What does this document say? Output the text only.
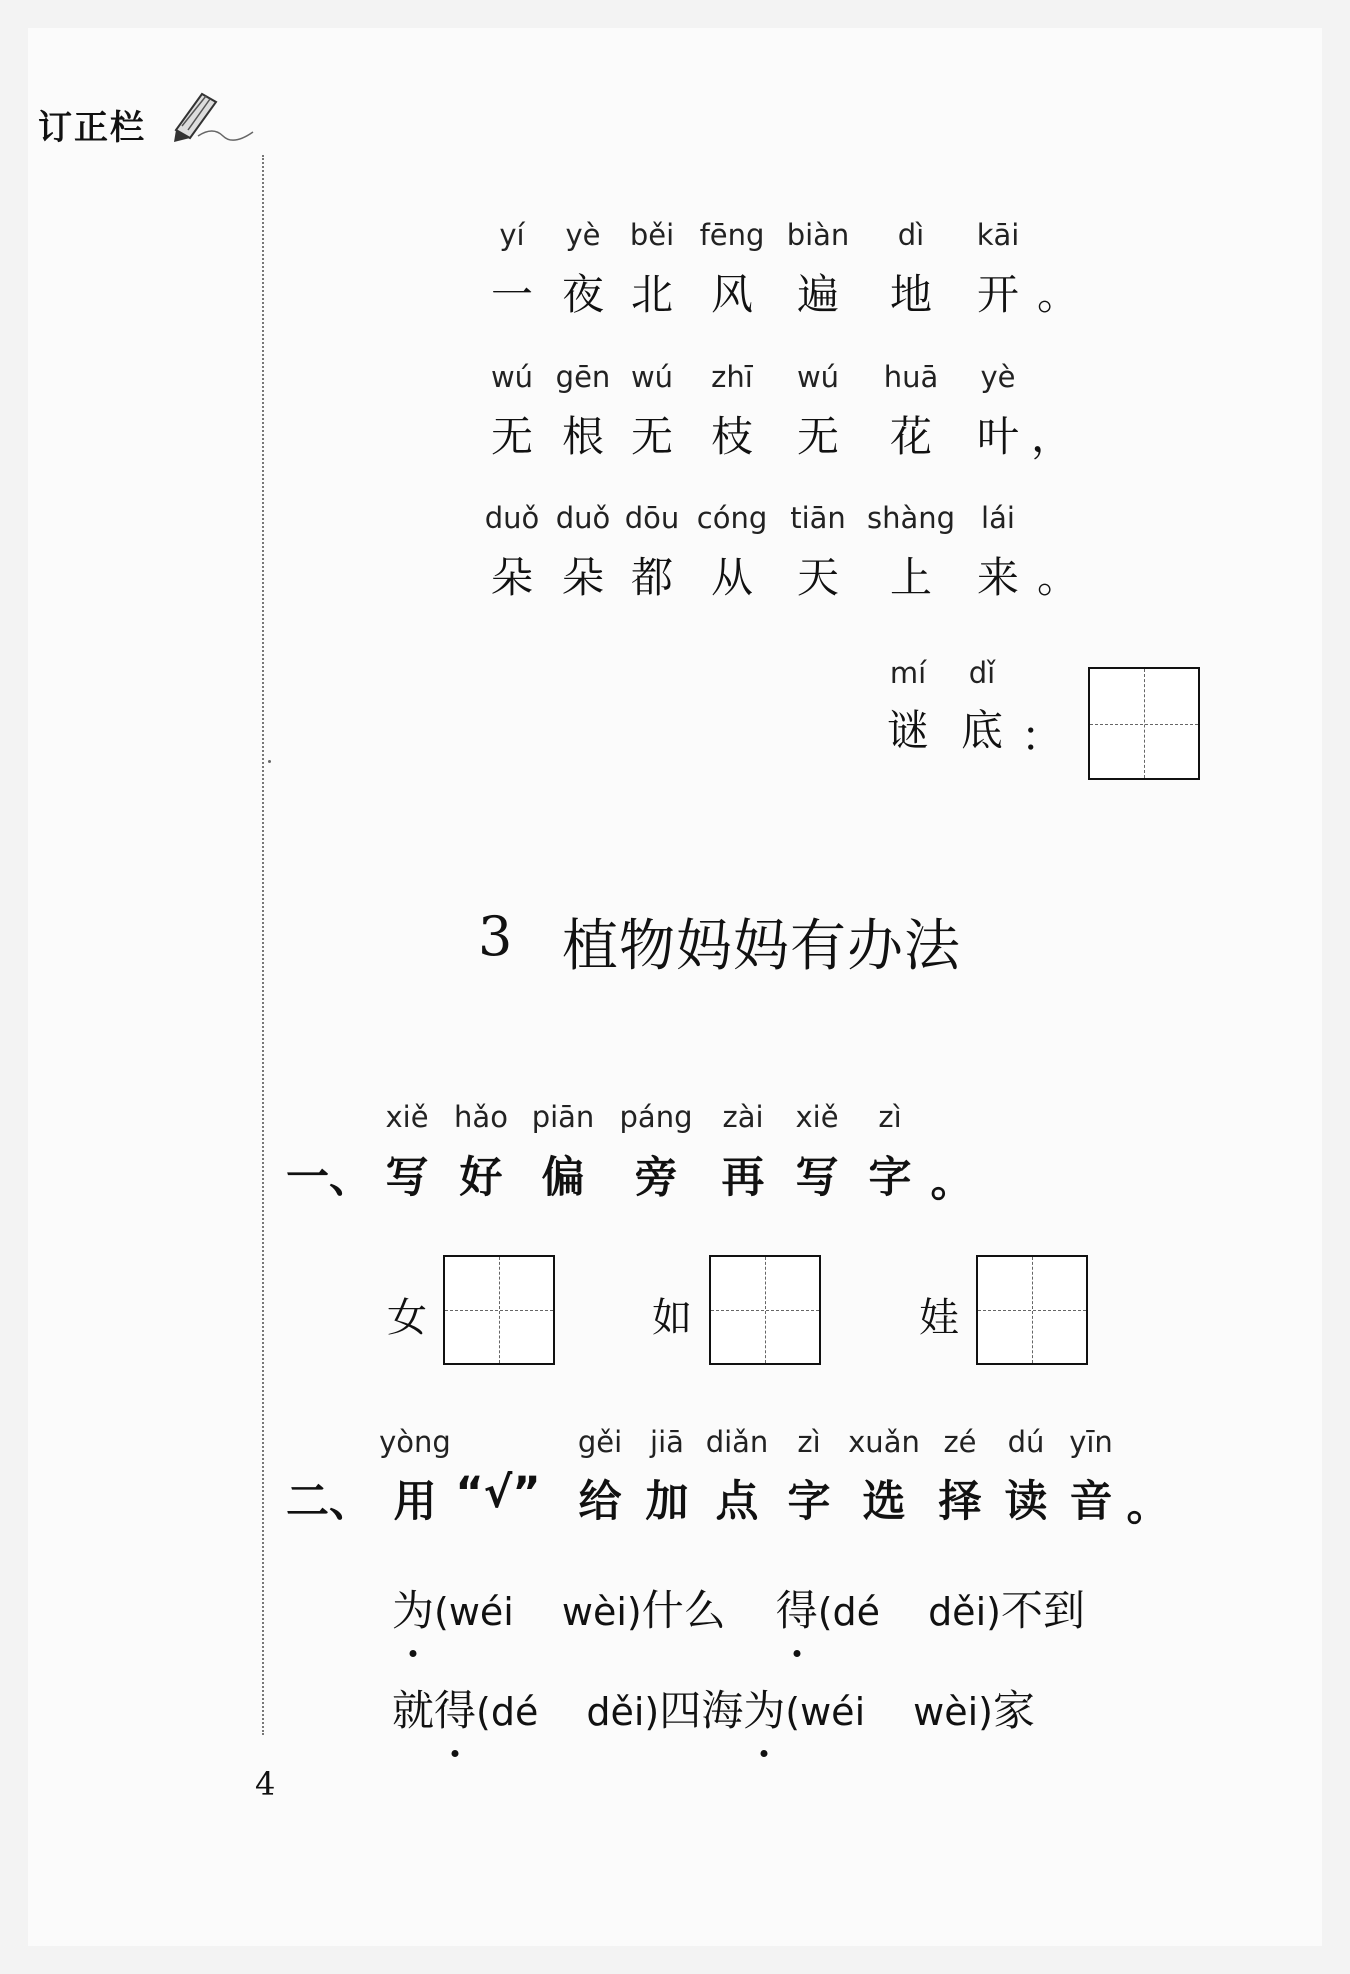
订正栏
yí yè běi fēng biàn dì kāi
一 夜 北 风 遍 地 开 。
wú gēn wú zhī wú huā yè
无 根 无 枝 无 花 叶 ，
duǒ duǒ dōu cóng tiān shàng lái
朵 朵 都 从 天 上 来 。
mí dǐ
谜 底 ：
3 植物妈妈有办法
xiě hǎo piān páng zài xiě zì
一、 写 好 偏 旁 再 写 字 。
女	如	娃
yòng	gěi jiā diǎn zì xuǎn zé dú yīn
二、 用 “√” 给 加 点 字 选 择 读 音 。
为(wéi wèi)什么 得(dé děi)不到
就得(dé děi)四海为(wéi wèi)家
4
